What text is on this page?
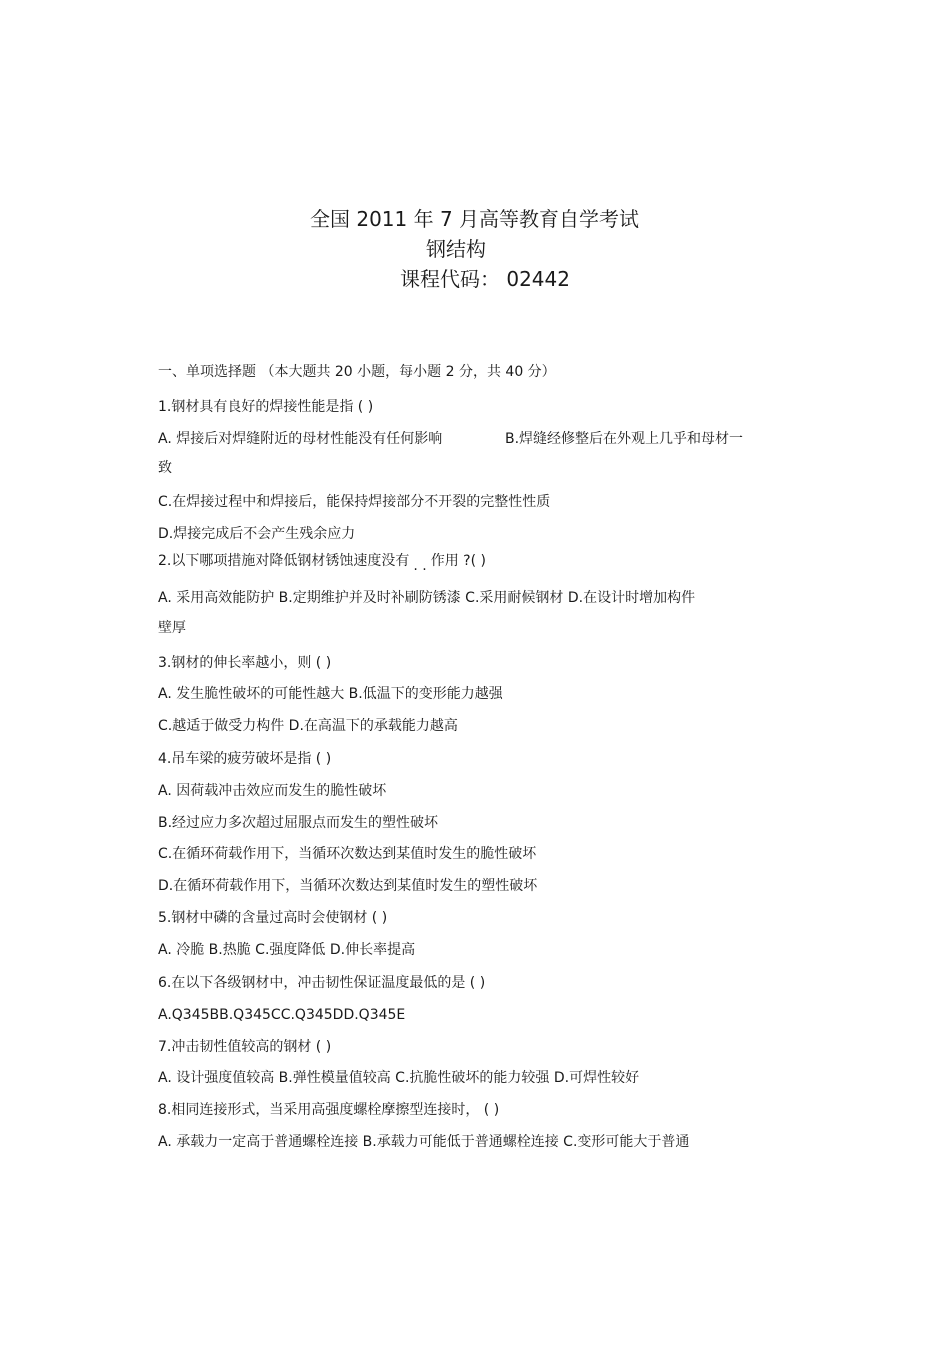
全国 2011 年 7 月高等教育自学考试
钢结构
课程代码： 02442
一、单项选择题 （本大题共 20 小题，每小题 2 分，共 40 分）
1.钢材具有良好的焊接性能是指 ( )
A. 焊接后对焊缝附近的母材性能没有任何影响	B.焊缝经修整后在外观上几乎和母材一
致
C.在焊接过程中和焊接后，能保持焊接部分不开裂的完整性性质
D.焊接完成后不会产生残余应力
2.以下哪项措施对降低钢材锈蚀速度没有 . . 作用 ?( )
A. 采用高效能防护 B.定期维护并及时补刷防锈漆 C.采用耐候钢材 D.在设计时增加构件
壁厚
3.钢材的伸长率越小，则 ( )
A. 发生脆性破坏的可能性越大 B.低温下的变形能力越强
C.越适于做受力构件 D.在高温下的承载能力越高
4.吊车梁的疲劳破坏是指 ( )
A. 因荷载冲击效应而发生的脆性破坏
B.经过应力多次超过屈服点而发生的塑性破坏
C.在循环荷载作用下，当循环次数达到某值时发生的脆性破坏
D.在循环荷载作用下，当循环次数达到某值时发生的塑性破坏
5.钢材中磷的含量过高时会使钢材 ( )
A. 冷脆 B.热脆 C.强度降低 D.伸长率提高
6.在以下各级钢材中，冲击韧性保证温度最低的是 ( )
A.Q345BB.Q345CC.Q345DD.Q345E
7.冲击韧性值较高的钢材 ( )
A. 设计强度值较高 B.弹性模量值较高 C.抗脆性破坏的能力较强 D.可焊性较好
8.相同连接形式，当采用高强度螺栓摩擦型连接时， ( )
A. 承载力一定高于普通螺栓连接 B.承载力可能低于普通螺栓连接 C.变形可能大于普通
